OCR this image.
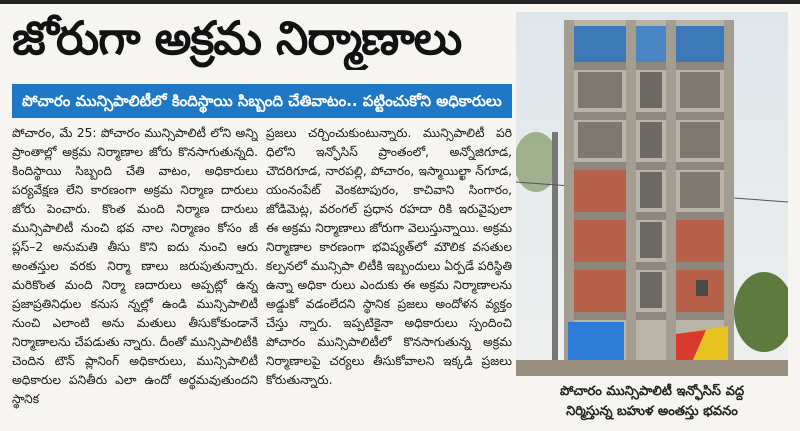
జోరుగా అక్రమ నిర్మాణాలు
పోచారం మున్సిపాలిటీలో కిందిస్థాయి సిబ్బంది చేతివాటం.. పట్టించుకోని అధికారులు
పోచారం, మే 25: పోచారం మున్సిపాలిటీ లోని అన్ని ప్రాంతాల్లో అక్రమ నిర్మాణాల జోరు కొనసాగుతున్నది. కిందిస్థాయి సిబ్బంది చేతి వాటం, అధికారులు పర్యవేక్షణ లేని కారణంగా అక్రమ నిర్మాణ దారులు జోరు పెంచారు. కొంత మంది నిర్మాణ దారులు మున్సిపాలిటీ నుంచి భవ నాల నిర్మాణం కోసం జీ ప్లస్–2 అనుమతి తీసు కొని ఐదు నుంచి ఆరు అంతస్తుల వరకు నిర్మా ణాలు జరుపుతున్నారు. మరికొంత మంది నిర్మా ణదారులు అప్పట్లో ఉన్న ప్రజాప్రతినిధుల కనుస న్నల్లో ఉండి మున్సిపాలిటీ నుంచి ఎలాంటి అను మతులు తీసుకోకుండానే నిర్మాణాలను చేపడుతు న్నారు. దీంతో మున్సిపాలిటీకి చెందిన టౌన్ ప్లానింగ్ అధికారులు, మున్సిపాలిటీ అధికారుల పనితీరు ఎలా ఉందో అర్థమవుతుందని స్థానిక
ప్రజలు చర్చించుకుంటున్నారు. మున్సిపాలిటీ పరి ధిలోని ఇన్ఫోసిస్ ప్రాంతంలో, అన్నోజిగూడ, చౌదరిగూడ, నారపల్లి, పోచారం, ఇస్మాయిల్ఖా న్‌గూడ, యంనంపేట్ వెంకటాపురం, కాచివాని సింగారం, జోడిమెట్ల, వరంగల్ ప్రధాన రహదా రికి ఇరువైపులా ఈ అక్రమ నిర్మాణాలు జోరుగా వెలుస్తున్నాయి. అక్రమ నిర్మాణాల కారణంగా భవిష్యత్‌లో మౌలిక వసతుల కల్పనలో మున్సిపా లిటీకి ఇబ్బందులు ఏర్పడే పరిస్థితి ఉన్నా అధికా రులు ఎందుకు ఈ అక్రమ నిర్మాణాలను అడ్డుకో వడంలేదని స్థానిక ప్రజలు అందోళన వ్యక్తం చేస్తు న్నారు. ఇప్పటికైనా అధికారులు స్పందించి పోచారం మున్సిపాలిటీలో కొనసాగుతున్న అక్రమ నిర్మాణాలపై చర్యలు తీసుకోవాలని ఇక్కడి ప్రజలు కోరుతున్నారు.
పోచారం మున్సిపాలిటీ ఇన్ఫోసిస్ వద్ద
నిర్మిస్తున్న బహుళ అంతస్తు భవనం
